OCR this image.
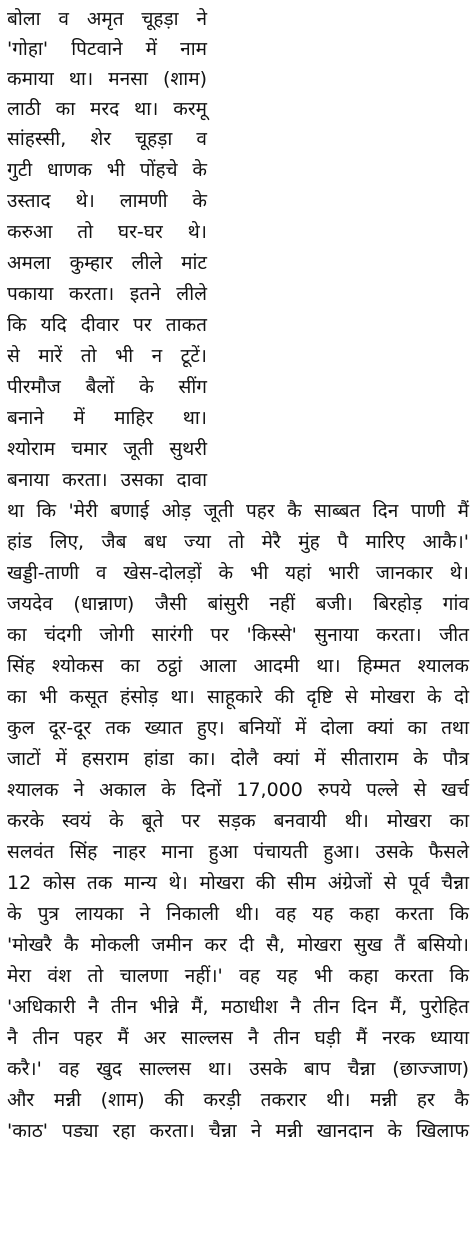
बोला व अमृत चूहड़ा ने
'गोहा' पिटवाने में नाम
कमाया था। मनसा (शाम)
लाठी का मरद था। करमू
सांहस्सी, शेर चूहड़ा व
गुटी धाणक भी पोंहचे के
उस्ताद थे। लामणी के
करुआ तो घर-घर थे।
अमला कुम्हार लीले मांट
पकाया करता। इतने लीले
कि यदि दीवार पर ताकत
से मारें तो भी न टूटें।
पीरमौज बैलों के सींग
बनाने में माहिर था।
श्योराम चमार जूती सुथरी
बनाया करता। उसका दावा
था कि 'मेरी बणाई ओड़ जूती पहर कै साब्बत दिन पाणी मैं
हांड लिए, जैब बध ज्या तो मेरै मुंह पै मारिए आकै।'
खड्डी-ताणी व खेस-दोलड़ों के भी यहां भारी जानकार थे।
जयदेव (धान्नाण) जैसी बांसुरी नहीं बजी। बिरहोड़ गांव
का चंदगी जोगी सारंगी पर 'किस्से' सुनाया करता। जीत
सिंह श्योकस का ठट्ठां आला आदमी था। हिम्मत श्यालक
का भी कसूत हंसोड़ था। साहूकारे की दृष्टि से मोखरा के दो
कुल दूर-दूर तक ख्यात हुए। बनियों में दोला क्यां का तथा
जाटों में हसराम हांडा का। दोलै क्यां में सीताराम के पौत्र
श्यालक ने अकाल के दिनों 17,000 रुपये पल्ले से खर्च
करके स्वयं के बूते पर सड़क बनवायी थी। मोखरा का
सलवंत सिंह नाहर माना हुआ पंचायती हुआ। उसके फैसले
12 कोस तक मान्य थे। मोखरा की सीम अंग्रेजों से पूर्व चैन्ना
के पुत्र लायका ने निकाली थी। वह यह कहा करता कि
'मोखरै कै मोकली जमीन कर दी सै, मोखरा सुख तैं बसियो।
मेरा वंश तो चालणा नहीं।' वह यह भी कहा करता कि
'अधिकारी नै तीन भीन्ने मैं, मठाधीश नै तीन दिन मैं, पुरोहित
नै तीन पहर मैं अर साल्लस नै तीन घड़ी मैं नरक ध्याया
करै।' वह खुद साल्लस था। उसके बाप चैन्ना (छाज्जाण)
और मन्नी (शाम) की करड़ी तकरार थी। मन्नी हर कै
'काठ' पड्या रहा करता। चैन्ना ने मन्नी खानदान के खिलाफ
